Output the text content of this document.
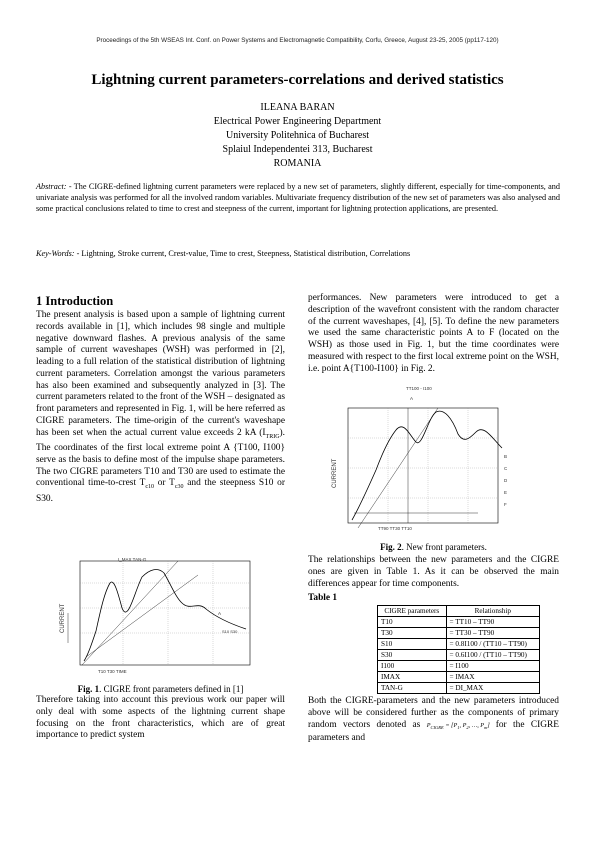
Proceedings of the 5th WSEAS Int. Conf. on Power Systems and Electromagnetic Compatibility, Corfu, Greece, August 23-25, 2005 (pp117-120)
Lightning current parameters-correlations and derived statistics
ILEANA BARAN
Electrical Power Engineering Department
University Politehnica of Bucharest
Splaiul Independentei 313, Bucharest
ROMANIA
Abstract: - The CIGRE-defined lightning current parameters were replaced by a new set of parameters, slightly different, especially for time-components, and univariate analysis was performed for all the involved random variables. Multivariate frequency distribution of the new set of parameters was also analysed and some practical conclusions related to time to crest and steepness of the current, important for lightning protection applications, are presented.
Key-Words: - Lightning, Stroke current, Crest-value, Time to crest, Steepness, Statistical distribution, Correlations
1 Introduction

The present analysis is based upon a sample of lightning current records available in [1], which includes 98 single and multiple negative downward flashes. A previous analysis of the same sample of current waveshapes (WSH) was performed in [2], leading to a full relation of the statistical distribution of lightning current parameters. Correlation amongst the various parameters has also been examined and subsequently analyzed in [3]. The current parameters related to the front of the WSH – designated as front parameters and represented in Fig. 1, will be here referred as CIGRE parameters. The time-origin of the current's waveshape has been set when the actual current value exceeds 2 kA $(I_{TRIG})$. The coordinates of the first local extreme point A {T100, I100} serve as the basis to define most of the impulse shape parameters. The two CIGRE parameters T10 and T30 are used to estimate the conventional time-to-crest $T_{c10}$ or $T_{c30}$ and the steepness S10 or S30.

CURRENT
I_MAX TAN-G
A
S10 S30
T10 T30 TIME
Fig. 1. CIGRE front parameters defined in [1]
Therefore taking into account this previous work our paper will only deal with some aspects of the lightning current shape focusing on the front characteristics, which are of great importance to predict system
performances. New parameters were introduced to get a description of the wavefront consistent with the random character of the current waveshapes, [4], [5]. To define the new parameters we used the same characteristic points A to F (located on the WSH) as those used in Fig. 1, but the time coordinates were measured with respect to the first local extreme point on the WSH, i.e. point A{T100-I100} in Fig. 2.
CURRENT
TT100 - I100
A
B
C
D
E
F
TT90 TT30 TT10
Fig. 2. New front parameters.
The relationships between the new parameters and the CIGRE ones are given in Table 1. As it can be observed the main differences appear for time components.
Table 1
CIGRE parameters	Relationship
T10	= TT10 – TT90
T30	= TT30 – TT90
S10	= 0.8I100 / (TT10 – TT90)
S30	= 0.6I100 / (TT10 – TT90)
I100	= I100
IMAX	= IMAX
TAN-G	= DI_MAX

Both the CIGRE-parameters and the new parameters introduced above will be considered further as the components of primary random vectors denoted as $P_{CIGRE} = [P_1$, $P_2$, …, $P_m$] for the CIGRE parameters and
